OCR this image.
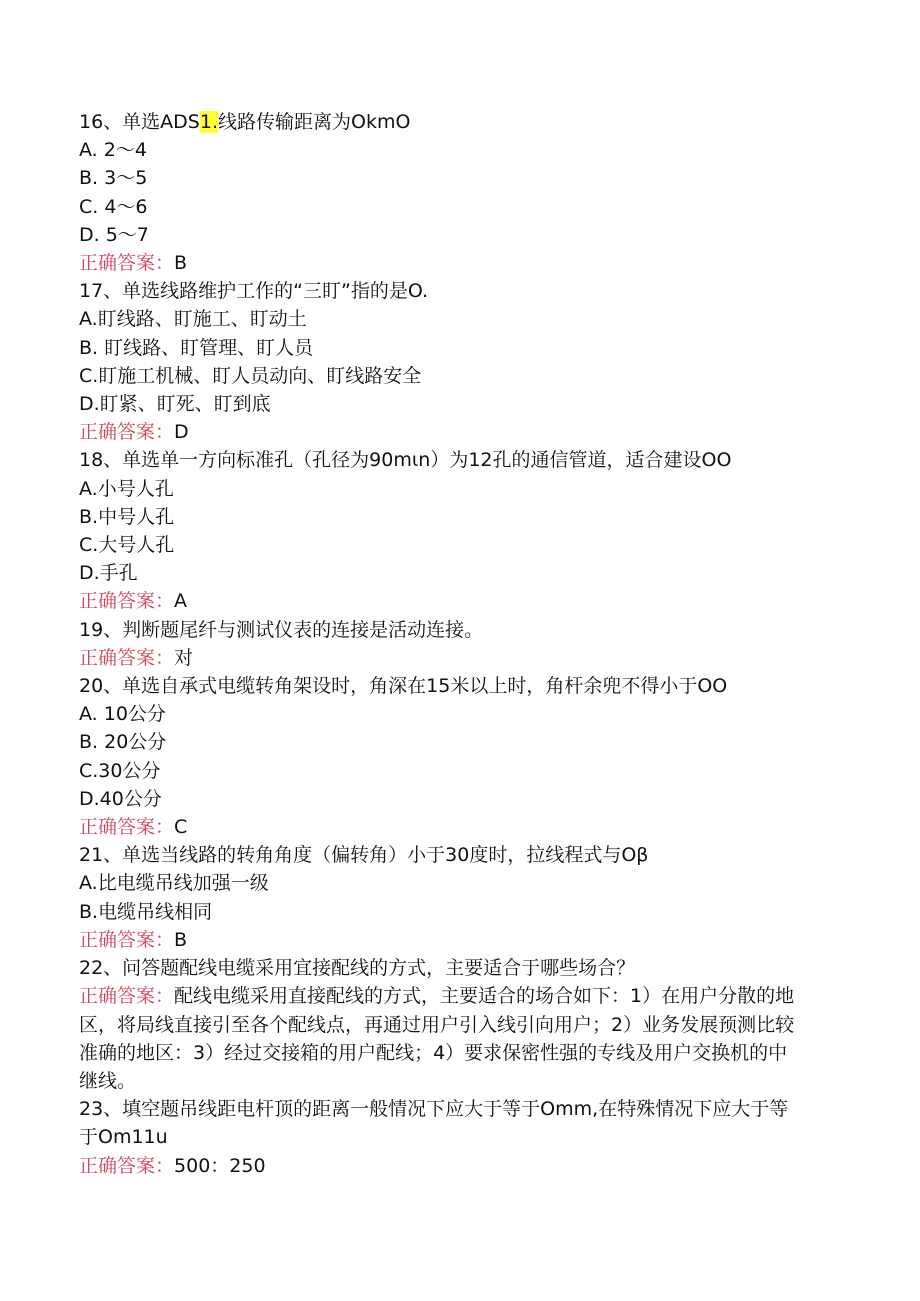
16、单选ADS1.线路传输距离为OkmO
A. 2～4
B. 3～5
C. 4～6
D. 5～7
正确答案：B
17、单选线路维护工作的“三盯”指的是O.
A.盯线路、盯施工、盯动土
B. 盯线路、盯管理、盯人员
C.盯施工机械、盯人员动向、盯线路安全
D.盯紧、盯死、盯到底
正确答案：D
18、单选单一方向标准孔（孔径为90mιn）为12孔的通信管道，适合建设OO
A.小号人孔
B.中号人孔
C.大号人孔
D.手孔
正确答案：A
19、判断题尾纤与测试仪表的连接是活动连接。
正确答案：对
20、单选自承式电缆转角架设时，角深在15米以上时，角杆余兜不得小于OO
A. 10公分
B. 20公分
C.30公分
D.40公分
正确答案：C
21、单选当线路的转角角度（偏转角）小于30度时，拉线程式与Oβ
A.比电缆吊线加强一级
B.电缆吊线相同
正确答案：B
22、问答题配线电缆采用宜接配线的方式，主要适合于哪些场合？
正确答案：配线电缆采用直接配线的方式，主要适合的场合如下：1）在用户分散的地
区，将局线直接引至各个配线点，再通过用户引入线引向用户；2）业务发展预测比较
准确的地区：3）经过交接箱的用户配线；4）要求保密性强的专线及用户交换机的中
继线。
23、填空题吊线距电杆顶的距离一般情况下应大于等于Omm,在特殊情况下应大于等
于Om11u
正确答案：500：250
